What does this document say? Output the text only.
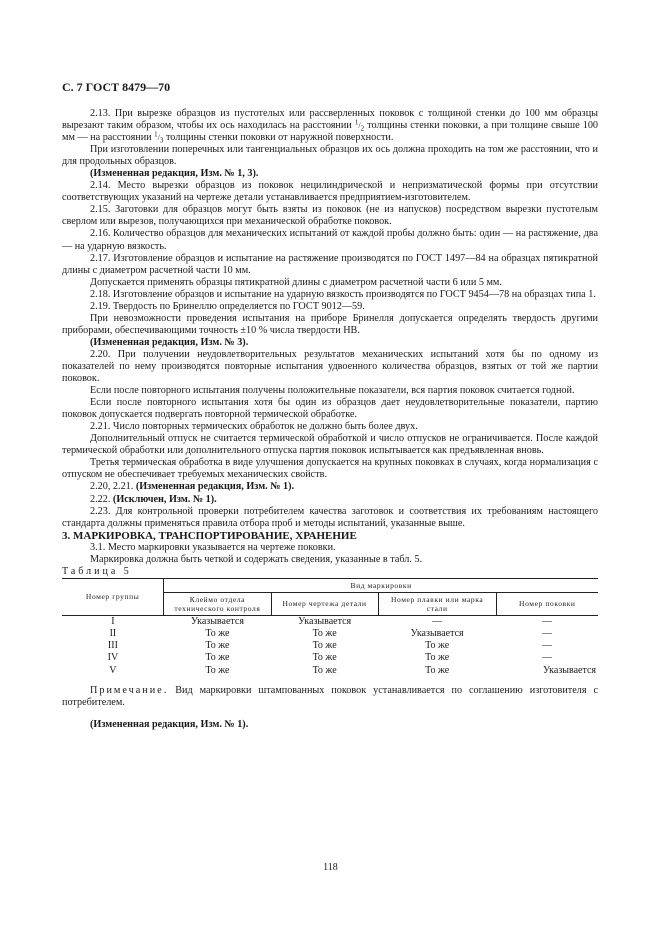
С. 7 ГОСТ 8479—70

2.13. При вырезке образцов из пустотелых или рассверленных поковок с толщиной стенки до 100 мм образцы вырезают таким образом, чтобы их ось находилась на расстоянии $^1/_2$ толщины стенки поковки, а при толщине свыше 100 мм — на расстоянии $^1/_3$ толщины стенки поковки от наружной поверхности.

При изготовлении поперечных или тангенциальных образцов их ось должна проходить на том же расстоянии, что и для продольных образцов.

(Измененная редакция, Изм. № 1, 3).

2.14. Место вырезки образцов из поковок нецилиндрической и непризматической формы при отсутствии соответствующих указаний на чертеже детали устанавливается предприятием-изготовителем.

2.15. Заготовки для образцов могут быть взяты из поковок (не из напусков) посредством вырезки пустотелым сверлом или вырезов, получающихся при механической обработке поковок.

2.16. Количество образцов для механических испытаний от каждой пробы должно быть: один — на растяжение, два — на ударную вязкость.

2.17. Изготовление образцов и испытание на растяжение производятся по ГОСТ 1497—84 на образцах пятикратной длины с диаметром расчетной части 10 мм.

Допускается применять образцы пятикратной длины с диаметром расчетной части 6 или 5 мм.

2.18. Изготовление образцов и испытание на ударную вязкость производятся по ГОСТ 9454—78 на образцах типа 1.

2.19. Твердость по Бринеллю определяется по ГОСТ 9012—59.

При невозможности проведения испытания на приборе Бринелля допускается определять твердость другими приборами, обеспечивающими точность ±10 % числа твердости НВ.

(Измененная редакция, Изм. № 3).

2.20. При получении неудовлетворительных результатов механических испытаний хотя бы по одному из показателей по нему производятся повторные испытания удвоенного количества образцов, взятых от той же партии поковок.

Если после повторного испытания получены положительные показатели, вся партия поковок считается годной.

Если после повторного испытания хотя бы один из образцов дает неудовлетворительные показатели, партию поковок допускается подвергать повторной термической обработке.

2.21. Число повторных термических обработок не должно быть более двух.

Дополнительный отпуск не считается термической обработкой и число отпусков не ограничивается. После каждой термической обработки или дополнительного отпуска партия поковок испытывается как предъявленная вновь.

Третья термическая обработка в виде улучшения допускается на крупных поковках в случаях, когда нормализация с отпуском не обеспечивает требуемых механических свойств.

2.20, 2.21. (Измененная редакция, Изм. № 1).

2.22. (Исключен, Изм. № 1).

2.23. Для контрольной проверки потребителем качества заготовок и соответствия их требованиям настоящего стандарта должны применяться правила отбора проб и методы испытаний, указанные выше.

3. МАРКИРОВКА, ТРАНСПОРТИРОВАНИЕ, ХРАНЕНИЕ

3.1. Место маркировки указывается на чертеже поковки.

Маркировка должна быть четкой и содержать сведения, указанные в табл. 5.

Таблица 5

Номер группы	Вид маркировки			
	Клеймо отдела технического контроля	Номер чертежа детали	Номер плавки или марка стали	Номер поковки
I	Указывается	Указывается	—	—
II	То же	То же	Указывается	—
III	То же	То же	То же	—
IV	То же	То же	То же	—
V	То же	То же	То же	Указывается

Примечание. Вид маркировки штампованных поковок устанавливается по соглашению изготовителя с потребителем.

(Измененная редакция, Изм. № 1).

118
